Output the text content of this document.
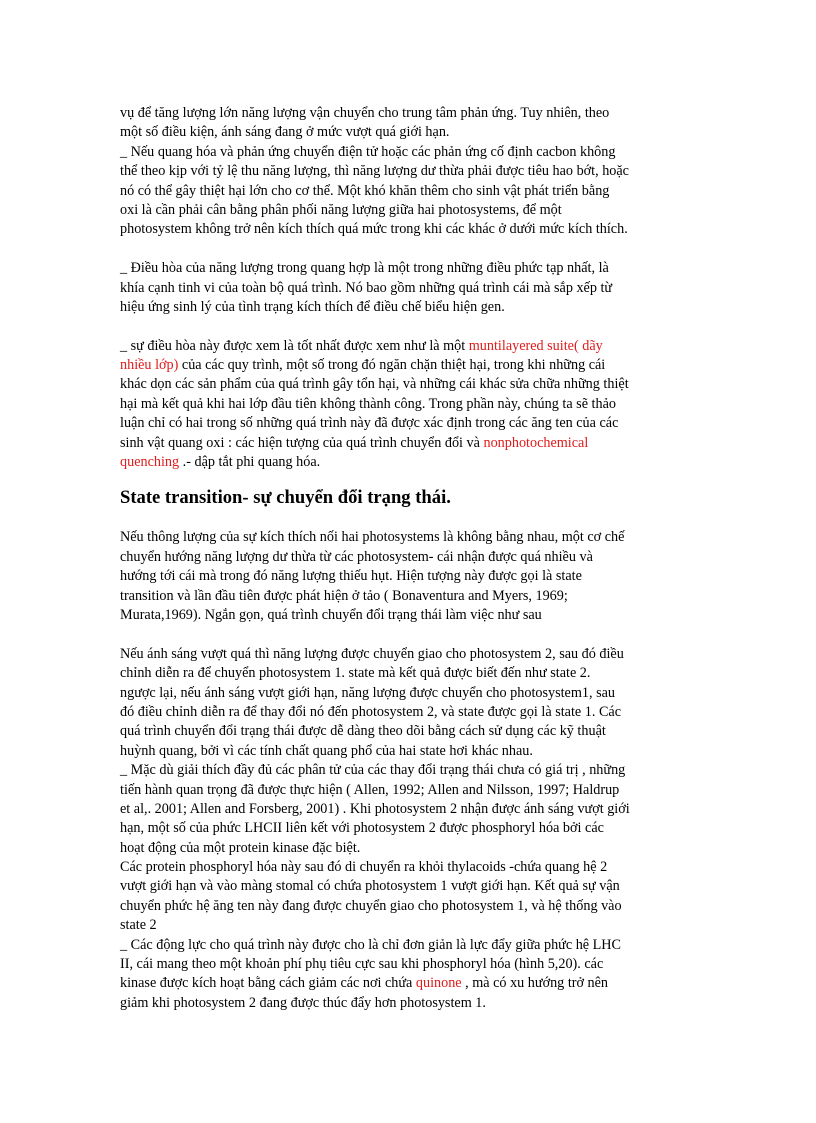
vụ để tăng lượng lớn năng lượng vận chuyển cho trung tâm phản ứng. Tuy nhiên, theo
một số điều kiện, ánh sáng đang ở mức vượt quá giới hạn.
_ Nếu quang hóa và phản ứng chuyển điện tử hoặc các phản ứng cố định cacbon không
thể theo kịp với tỷ lệ thu năng lượng, thì năng lượng dư thừa phải được tiêu hao bớt, hoặc
nó có thể gây thiệt hại lớn cho cơ thể. Một khó khăn thêm cho sinh vật phát triển bằng
oxi là cần phải cân bằng phân phối năng lượng giữa hai photosystems, để một
photosystem không trở nên kích thích quá mức trong khi các khác ở dưới mức kích thích.
_ Điều hòa của năng lượng trong quang hợp là một trong những điều phức tạp nhất, là
khía cạnh tinh vi của toàn bộ quá trình. Nó bao gồm những quá trình cái mà sắp xếp từ
hiệu ứng sinh lý của tình trạng kích thích để điều chế biểu hiện gen.
_ sự điều hòa này được xem là tốt nhất được xem như là một muntilayered suite( dãy
nhiều lớp) của các quy trình, một số trong đó ngăn chặn thiệt hại, trong khi những cái
khác dọn các sản phẩm của quá trình gây tổn hại, và những cái khác sửa chữa những thiệt
hại mà kết quả khi hai lớp đầu tiên không thành công. Trong phần này, chúng ta sẽ thảo
luận chỉ có hai trong số những quá trình này đã được xác định trong các ăng ten của các
sinh vật quang oxi : các hiện tượng của quá trình chuyển đổi và nonphotochemical
quenching .- dập tắt phi quang hóa.
State transition- sự chuyển đổi trạng thái.
Nếu thông lượng của sự kích thích nối hai photosystems là không bằng nhau, một cơ chế
chuyển hướng năng lượng dư thừa từ các photosystem- cái nhận được quá nhiều và
hướng tới cái mà trong đó năng lượng thiếu hụt. Hiện tượng này được gọi là state
transition và lần đầu tiên được phát hiện ở tảo ( Bonaventura and Myers, 1969;
Murata,1969). Ngắn gọn, quá trình chuyển đổi trạng thái làm việc như sau
Nếu ánh sáng vượt quá thì năng lượng được chuyển giao cho photosystem 2, sau đó điều
chỉnh diễn ra để chuyển photosystem 1. state mà kết quả được biết đến như state 2.
ngược lại, nếu ánh sáng vượt giới hạn, năng lượng được chuyển cho photosystem1, sau
đó điều chỉnh diễn ra để thay đổi nó đến photosystem 2, và state được gọi là state 1. Các
quá trình chuyển đổi trạng thái được dễ dàng theo dõi bằng cách sử dụng các kỹ thuật
huỳnh quang, bởi vì các tính chất quang phổ của hai state hơi khác nhau.
_ Mặc dù giải thích đầy đủ các phân tử của các thay đổi trạng thái chưa có giá trị , những
tiến hành quan trọng đã được thực hiện ( Allen, 1992; Allen and Nilsson, 1997; Haldrup
et al,. 2001; Allen and Forsberg, 2001) . Khi photosystem 2 nhận được ánh sáng vượt giới
hạn, một số của phức LHCII liên kết với photosystem 2 được phosphoryl hóa bởi các
hoạt động của một protein kinase đặc biệt.
Các protein phosphoryl hóa này sau đó di chuyển ra khỏi thylacoids -chứa quang hệ 2
vượt giới hạn và vào màng stomal có chứa photosystem 1 vượt giới hạn. Kết quả sự vận
chuyển phức hệ ăng ten này đang được chuyển giao cho photosystem 1, và hệ thống vào
state 2
_ Các động lực cho quá trình này được cho là chỉ đơn giản là lực đẩy giữa phức hệ LHC
II, cái mang theo một khoản phí phụ tiêu cực sau khi phosphoryl hóa (hình 5,20). các
kinase được kích hoạt bằng cách giảm các nơi chứa quinone , mà có xu hướng trở nên
giảm khi photosystem 2 đang được thúc đẩy hơn photosystem 1.
